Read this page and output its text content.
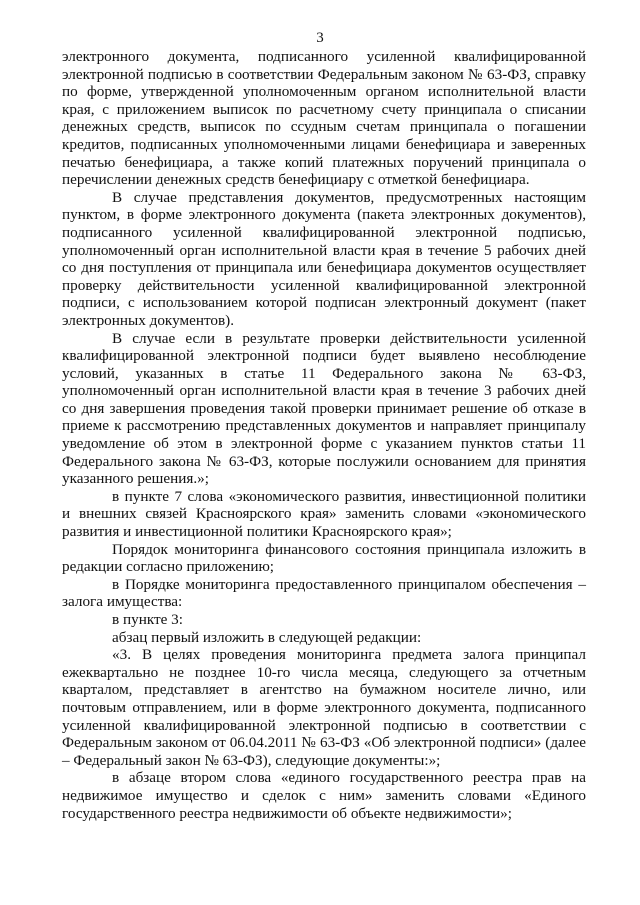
3

электронного документа, подписанного усиленной квалифицированной электронной подписью в соответствии Федеральным законом № 63-ФЗ, справку по форме, утвержденной уполномоченным органом исполнительной власти края, с приложением выписок по расчетному счету принципала о списании денежных средств, выписок по ссудным счетам принципала о погашении кредитов, подписанных уполномоченными лицами бенефициара и заверенных печатью бенефициара, а также копий платежных поручений принципала о перечислении денежных средств бенефициару с отметкой бенефициара.

В случае представления документов, предусмотренных настоящим пунктом, в форме электронного документа (пакета электронных документов), подписанного усиленной квалифицированной электронной подписью, уполномоченный орган исполнительной власти края в течение 5 рабочих дней со дня поступления от принципала или бенефициара документов осуществляет проверку действительности усиленной квалифицированной электронной подписи, с использованием которой подписан электронный документ (пакет электронных документов).

В случае если в результате проверки действительности усиленной квалифицированной электронной подписи будет выявлено несоблюдение условий, указанных в статье 11 Федерального закона № 63-ФЗ, уполномоченный орган исполнительной власти края в течение 3 рабочих дней со дня завершения проведения такой проверки принимает решение об отказе в приеме к рассмотрению представленных документов и направляет принципалу уведомление об этом в электронной форме с указанием пунктов статьи 11 Федерального закона № 63-ФЗ, которые послужили основанием для принятия указанного решения.»;

в пункте 7 слова «экономического развития, инвестиционной политики и внешних связей Красноярского края» заменить словами «экономического развития и инвестиционной политики Красноярского края»;

Порядок мониторинга финансового состояния принципала изложить в редакции согласно приложению;

в Порядке мониторинга предоставленного принципалом обеспечения – залога имущества:

в пункте 3:

абзац первый изложить в следующей редакции:

«3. В целях проведения мониторинга предмета залога принципал ежеквартально не позднее 10-го числа месяца, следующего за отчетным кварталом, представляет в агентство на бумажном носителе лично, или почтовым отправлением, или в форме электронного документа, подписанного усиленной квалифицированной электронной подписью в соответствии с Федеральным законом от 06.04.2011 № 63-ФЗ «Об электронной подписи» (далее – Федеральный закон № 63-ФЗ), следующие документы:»;

в абзаце втором слова «единого государственного реестра прав на недвижимое имущество и сделок с ним» заменить словами «Единого государственного реестра недвижимости об объекте недвижимости»;
